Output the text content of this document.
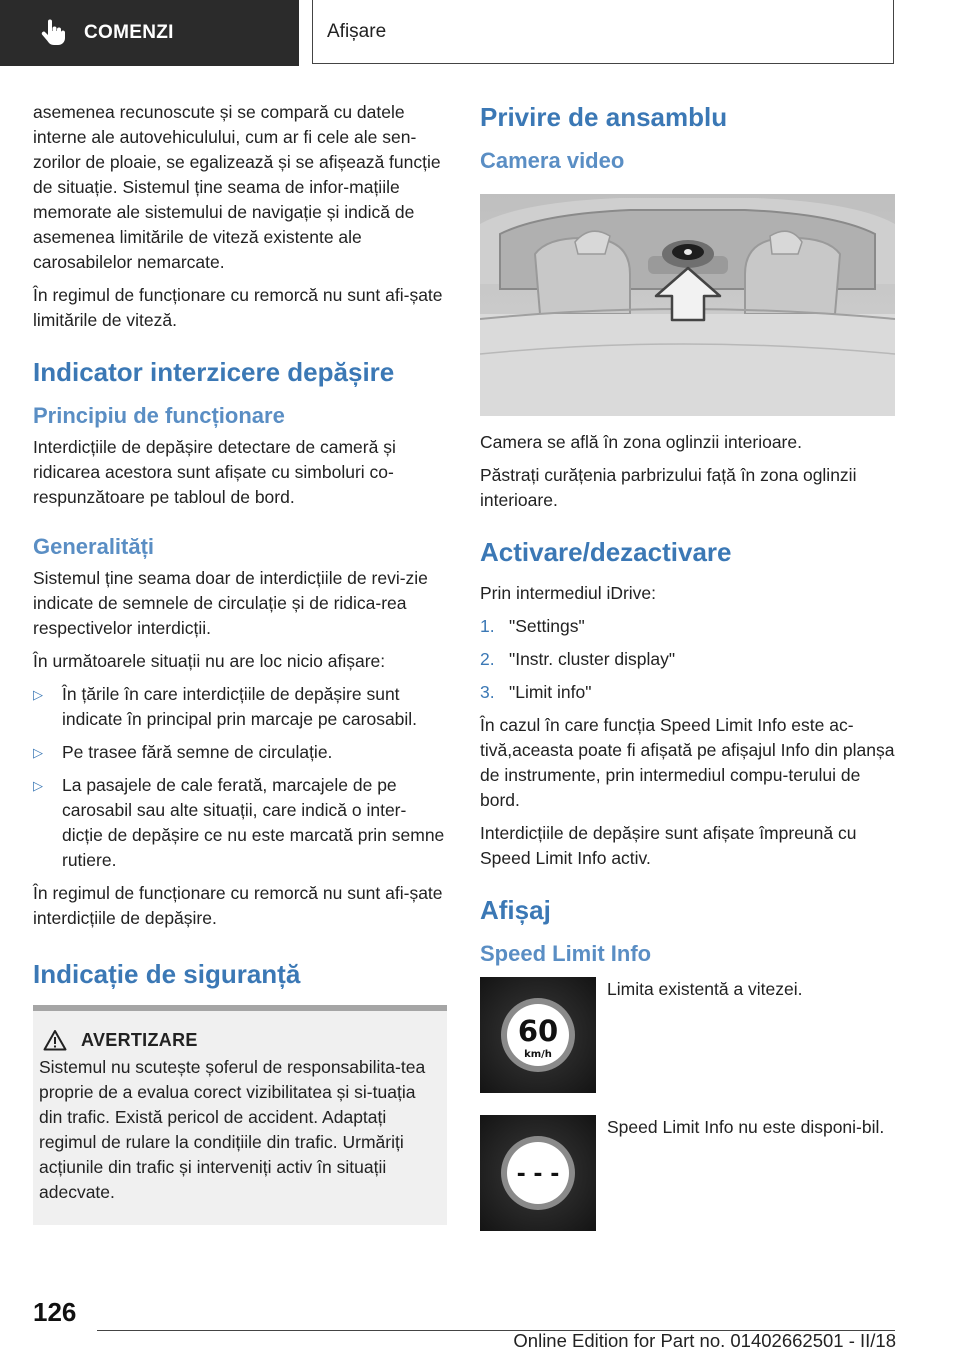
COMENZI	Afișare

asemenea recunoscute și se compară cu datele interne ale autovehiculului, cum ar fi cele ale sen-zorilor de ploaie, se egalizează și se afișează funcție de situație. Sistemul ține seama de infor-mațiile memorate ale sistemului de navigație și indică de asemenea limitările de viteză existente ale carosabilelor nemarcate.

În regimul de funcționare cu remorcă nu sunt afi-șate limitările de viteză.

Indicator interzicere depășire
Principiu de funcționare

Interdicțiile de depășire detectare de cameră și ridicarea acestora sunt afișate cu simboluri co-respunzătoare pe tabloul de bord.

Generalități

Sistemul ține seama doar de interdicțiile de revi-zie indicate de semnele de circulație și de ridica-rea respectivelor interdicții.

În următoarele situații nu are loc nicio afișare:

▷ În țările în care interdicțiile de depășire sunt indicate în principal prin marcaje pe carosabil.
▷ Pe trasee fără semne de circulație.
▷ La pasajele de cale ferată, marcajele de pe carosabil sau alte situații, care indică o inter-dicție de depășire ce nu este marcată prin semne rutiere.

În regimul de funcționare cu remorcă nu sunt afi-șate interdicțiile de depășire.

Indicație de siguranță
AVERTIZARE

Sistemul nu scutește șoferul de responsabilita-tea proprie de a evalua corect vizibilitatea și si-tuația din trafic. Există pericol de accident. Adaptați regimul de rulare la condițiile din trafic. Urmăriți acțiunile din trafic și interveniți activ în situații adecvate.

Privire de ansamblu
Camera video

Camera se află în zona oglinzii interioare.

Păstrați curățenia parbrizului față în zona oglinzii interioare.

Activare/dezactivare

Prin intermediul iDrive:

1. "Settings"
2. "Instr. cluster display"
3. "Limit info"

În cazul în care funcția Speed Limit Info este ac-tivă,aceasta poate fi afișată pe afișajul Info din planșa de instrumente, prin intermediul compu-terului de bord.

Interdicțiile de depășire sunt afișate împreună cu Speed Limit Info activ.

Afișaj
Speed Limit Info
60
km/h

Limita existentă a vitezei.

- - -

Speed Limit Info nu este disponi-bil.

126
Online Edition for Part no. 01402662501 - II/18
